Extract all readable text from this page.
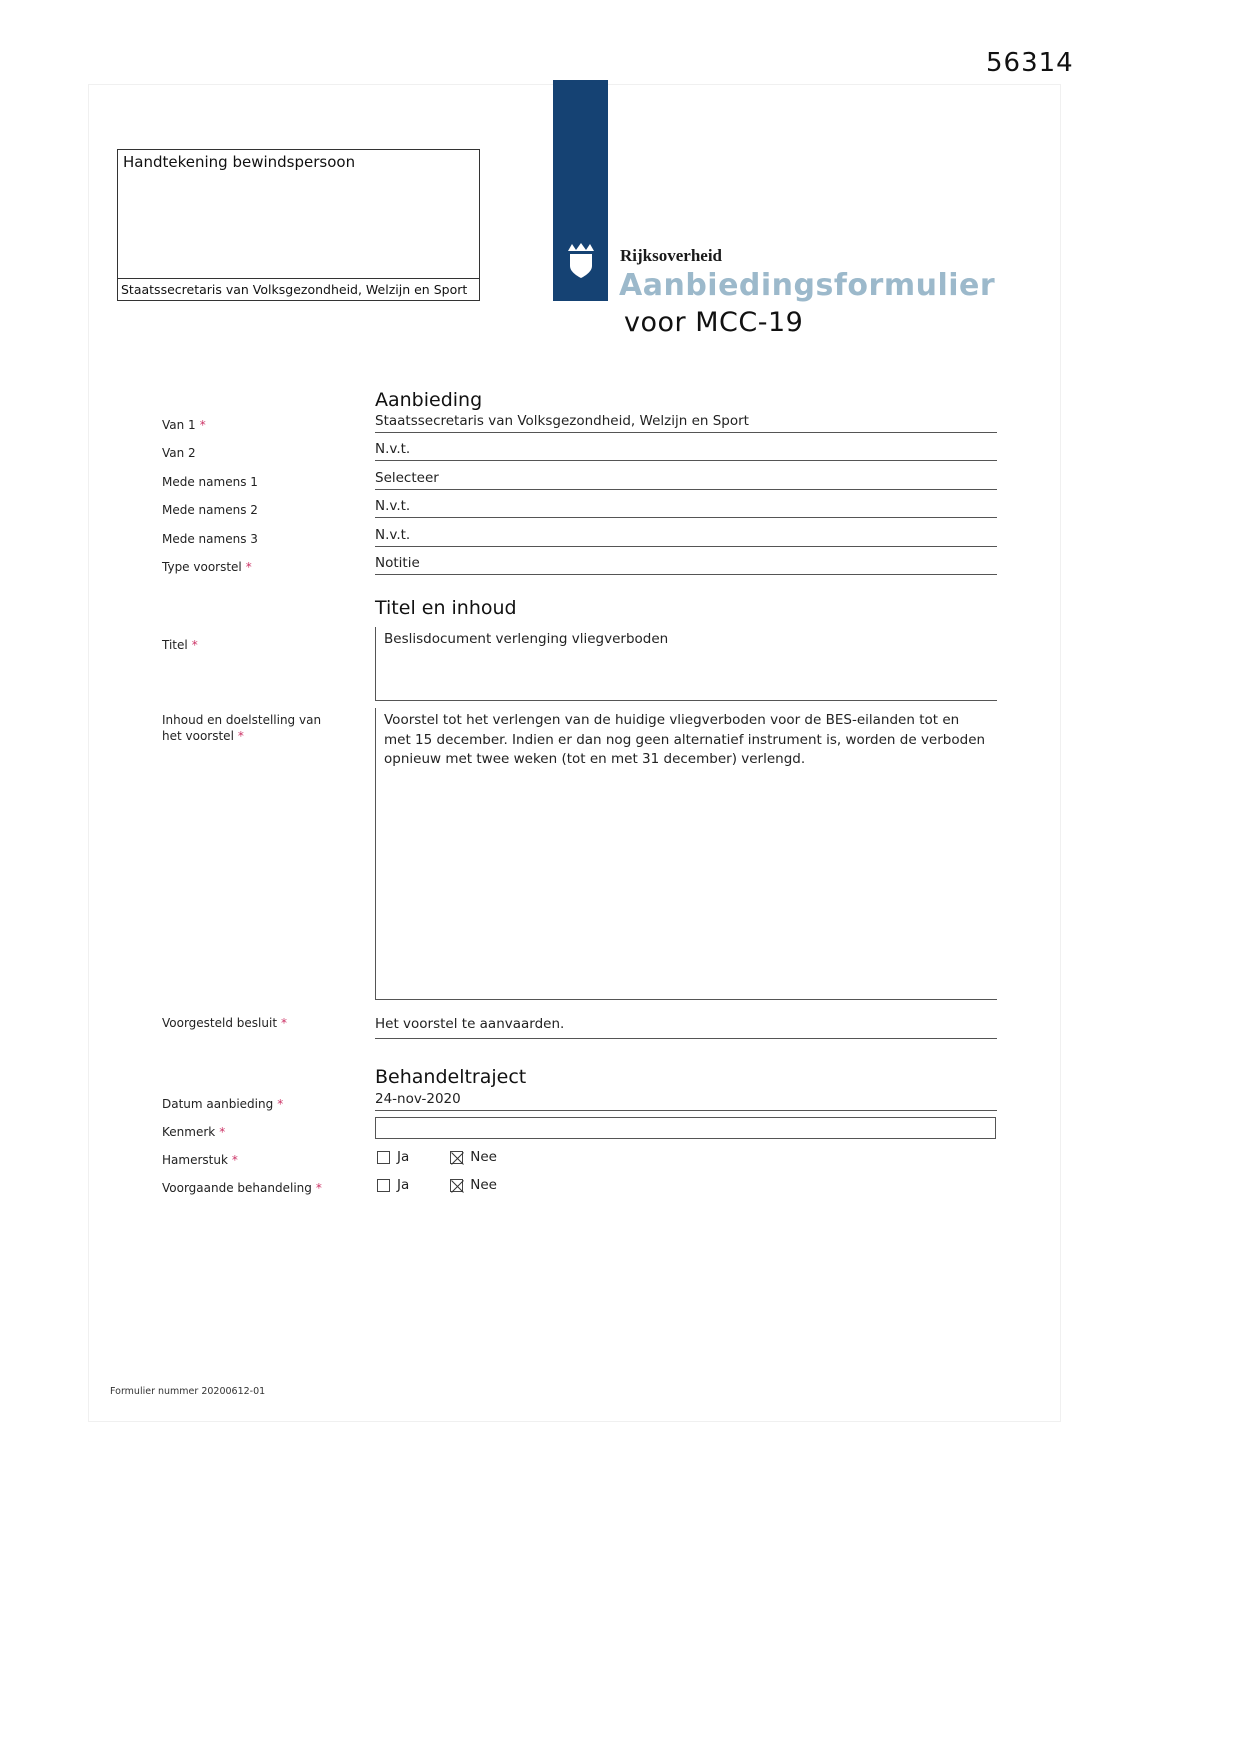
56314
Handtekening bewindspersoon
Staatssecretaris van Volksgezondheid, Welzijn en Sport
Rijksoverheid
Aanbiedingsformulier
voor MCC-19
Aanbieding
Van 1 *	Staatssecretaris van Volksgezondheid, Welzijn en Sport
Van 2	N.v.t.
Mede namens 1	Selecteer
Mede namens 2	N.v.t.
Mede namens 3	N.v.t.
Type voorstel *	Notitie
Titel en inhoud
Titel *	Beslisdocument verlenging vliegverboden
Inhoud en doelstelling van het voorstel *
Voorstel tot het verlengen van de huidige vliegverboden voor de BES-eilanden tot en met 15 december. Indien er dan nog geen alternatief instrument is, worden de verboden opnieuw met twee weken (tot en met 31 december) verlengd.
Voorgesteld besluit *	Het voorstel te aanvaarden.
Behandeltraject
Datum aanbieding *	24-nov-2020
Kenmerk *
Hamerstuk *	Ja	Nee
Voorgaande behandeling *	Ja	Nee
Formulier nummer 20200612-01
